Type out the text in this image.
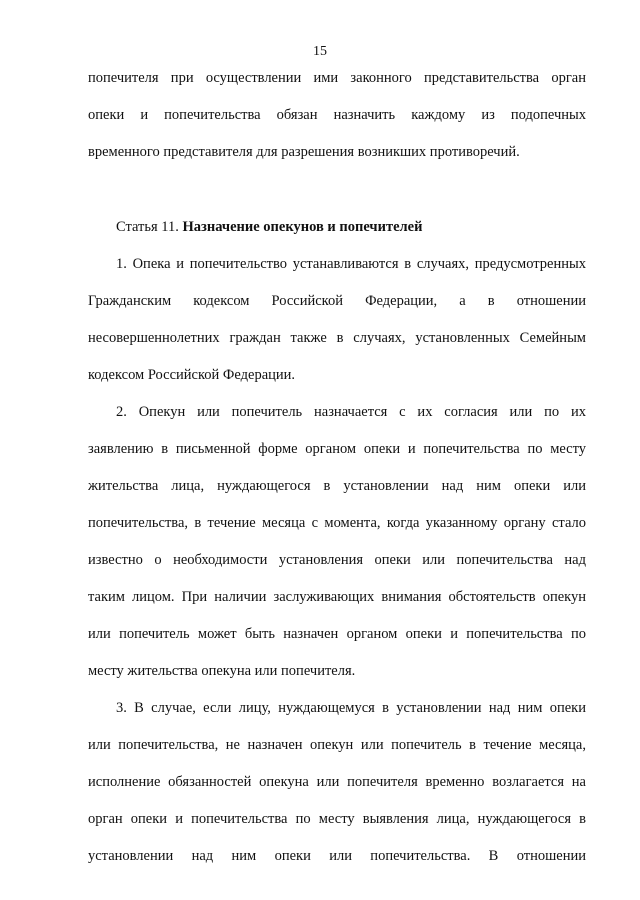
15
попечителя при осуществлении ими законного представительства орган
опеки и попечительства обязан назначить каждому из подопечных
временного представителя для разрешения возникших противоречий.
Статья 11. Назначение опекунов и попечителей
1. Опека и попечительство устанавливаются в случаях, предусмотренных
Гражданским кодексом Российской Федерации, а в отношении
несовершеннолетних граждан также в случаях, установленных Семейным
кодексом Российской Федерации.
2. Опекун или попечитель назначается с их согласия или по их
заявлению в письменной форме органом опеки и попечительства по месту
жительства лица, нуждающегося в установлении над ним опеки или
попечительства, в течение месяца с момента, когда указанному органу стало
известно о необходимости установления опеки или попечительства над
таким лицом. При наличии заслуживающих внимания обстоятельств опекун
или попечитель может быть назначен органом опеки и попечительства по
месту жительства опекуна или попечителя.
3. В случае, если лицу, нуждающемуся в установлении над ним опеки
или попечительства, не назначен опекун или попечитель в течение месяца,
исполнение обязанностей опекуна или попечителя временно возлагается на
орган опеки и попечительства по месту выявления лица, нуждающегося в
установлении над ним опеки или попечительства. В отношении
